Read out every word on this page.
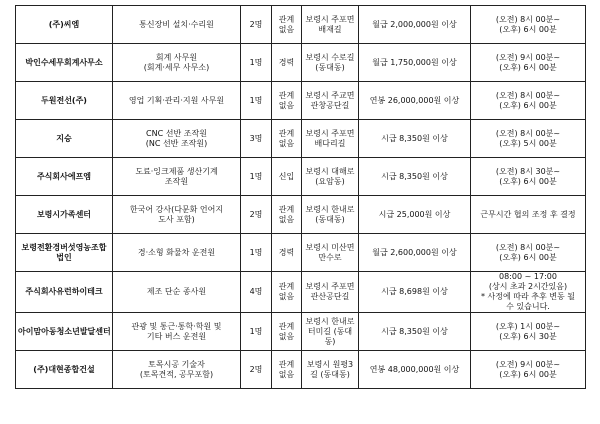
(주)씨엠	통신장비 설치·수리원	2명	관계
없음	보령시 주포면
배재길	월급 2,000,000원 이상	(오전) 8시 00분~
(오후) 6시 00분

박인수세무회계사무소	회계 사무원
(회계·세무 사무소)	1명	경력	보령시 수로길
(동대동)	월급 1,750,000원 이상	(오전) 9시 00분~
(오후) 6시 00분

두원전선(주)	영업 기획·관리·지원 사무원	1명	관계
없음	보령시 주교면
관창공단길	연봉 26,000,000원 이상	(오전) 8시 00분~
(오후) 6시 00분

지승	CNC 선반 조작원
(NC 선반 조작원)	3명	관계
없음	보령시 주포면
배다리길	시급 8,350원 이상	(오전) 8시 00분~
(오후) 5시 00분

주식회사에프엠	도료·잉크제품 생산기계
조작원	1명	신입	보령시 대해로
(요암동)	시급 8,350원 이상	(오전) 8시 30분~
(오후) 6시 00분

보령시가족센터	한국어 강사(다문화 언어지
도사 포함)	2명	관계
없음	보령시 한내로
(동대동)	시급 25,000원 이상	근무시간 협의 조정 후 결정

보령전환경버섯영농조합
법인	경·소형 화물차 운전원	1명	경력	보령시 미산면
만수로	월급 2,600,000원 이상	(오전) 8시 00분~
(오후) 6시 00분

주식회사유런하이테크	제조 단순 종사원	4명	관계
없음	보령시 주포면
관산공단길	시급 8,698원 이상	08:00 ~ 17:00
(상시 초과 2시간있음)
* 사정에 따라 추후 변동 될
수 있습니다.

아이맘아동청소년발달센터	관광 및 통근·통학·학원 및
기타 버스 운전원	1명	관계
없음	보령시 한내로
터미길 (동대
동)	시급 8,350원 이상	(오후) 1시 00분~
(오후) 6시 30분

(주)대현종합건설	토목시공 기술자
(토목견적, 공무포함)	2명	관계
없음	보령시 원평3
길 (동대동)	연봉 48,000,000원 이상	(오전) 9시 00분~
(오후) 6시 00분
